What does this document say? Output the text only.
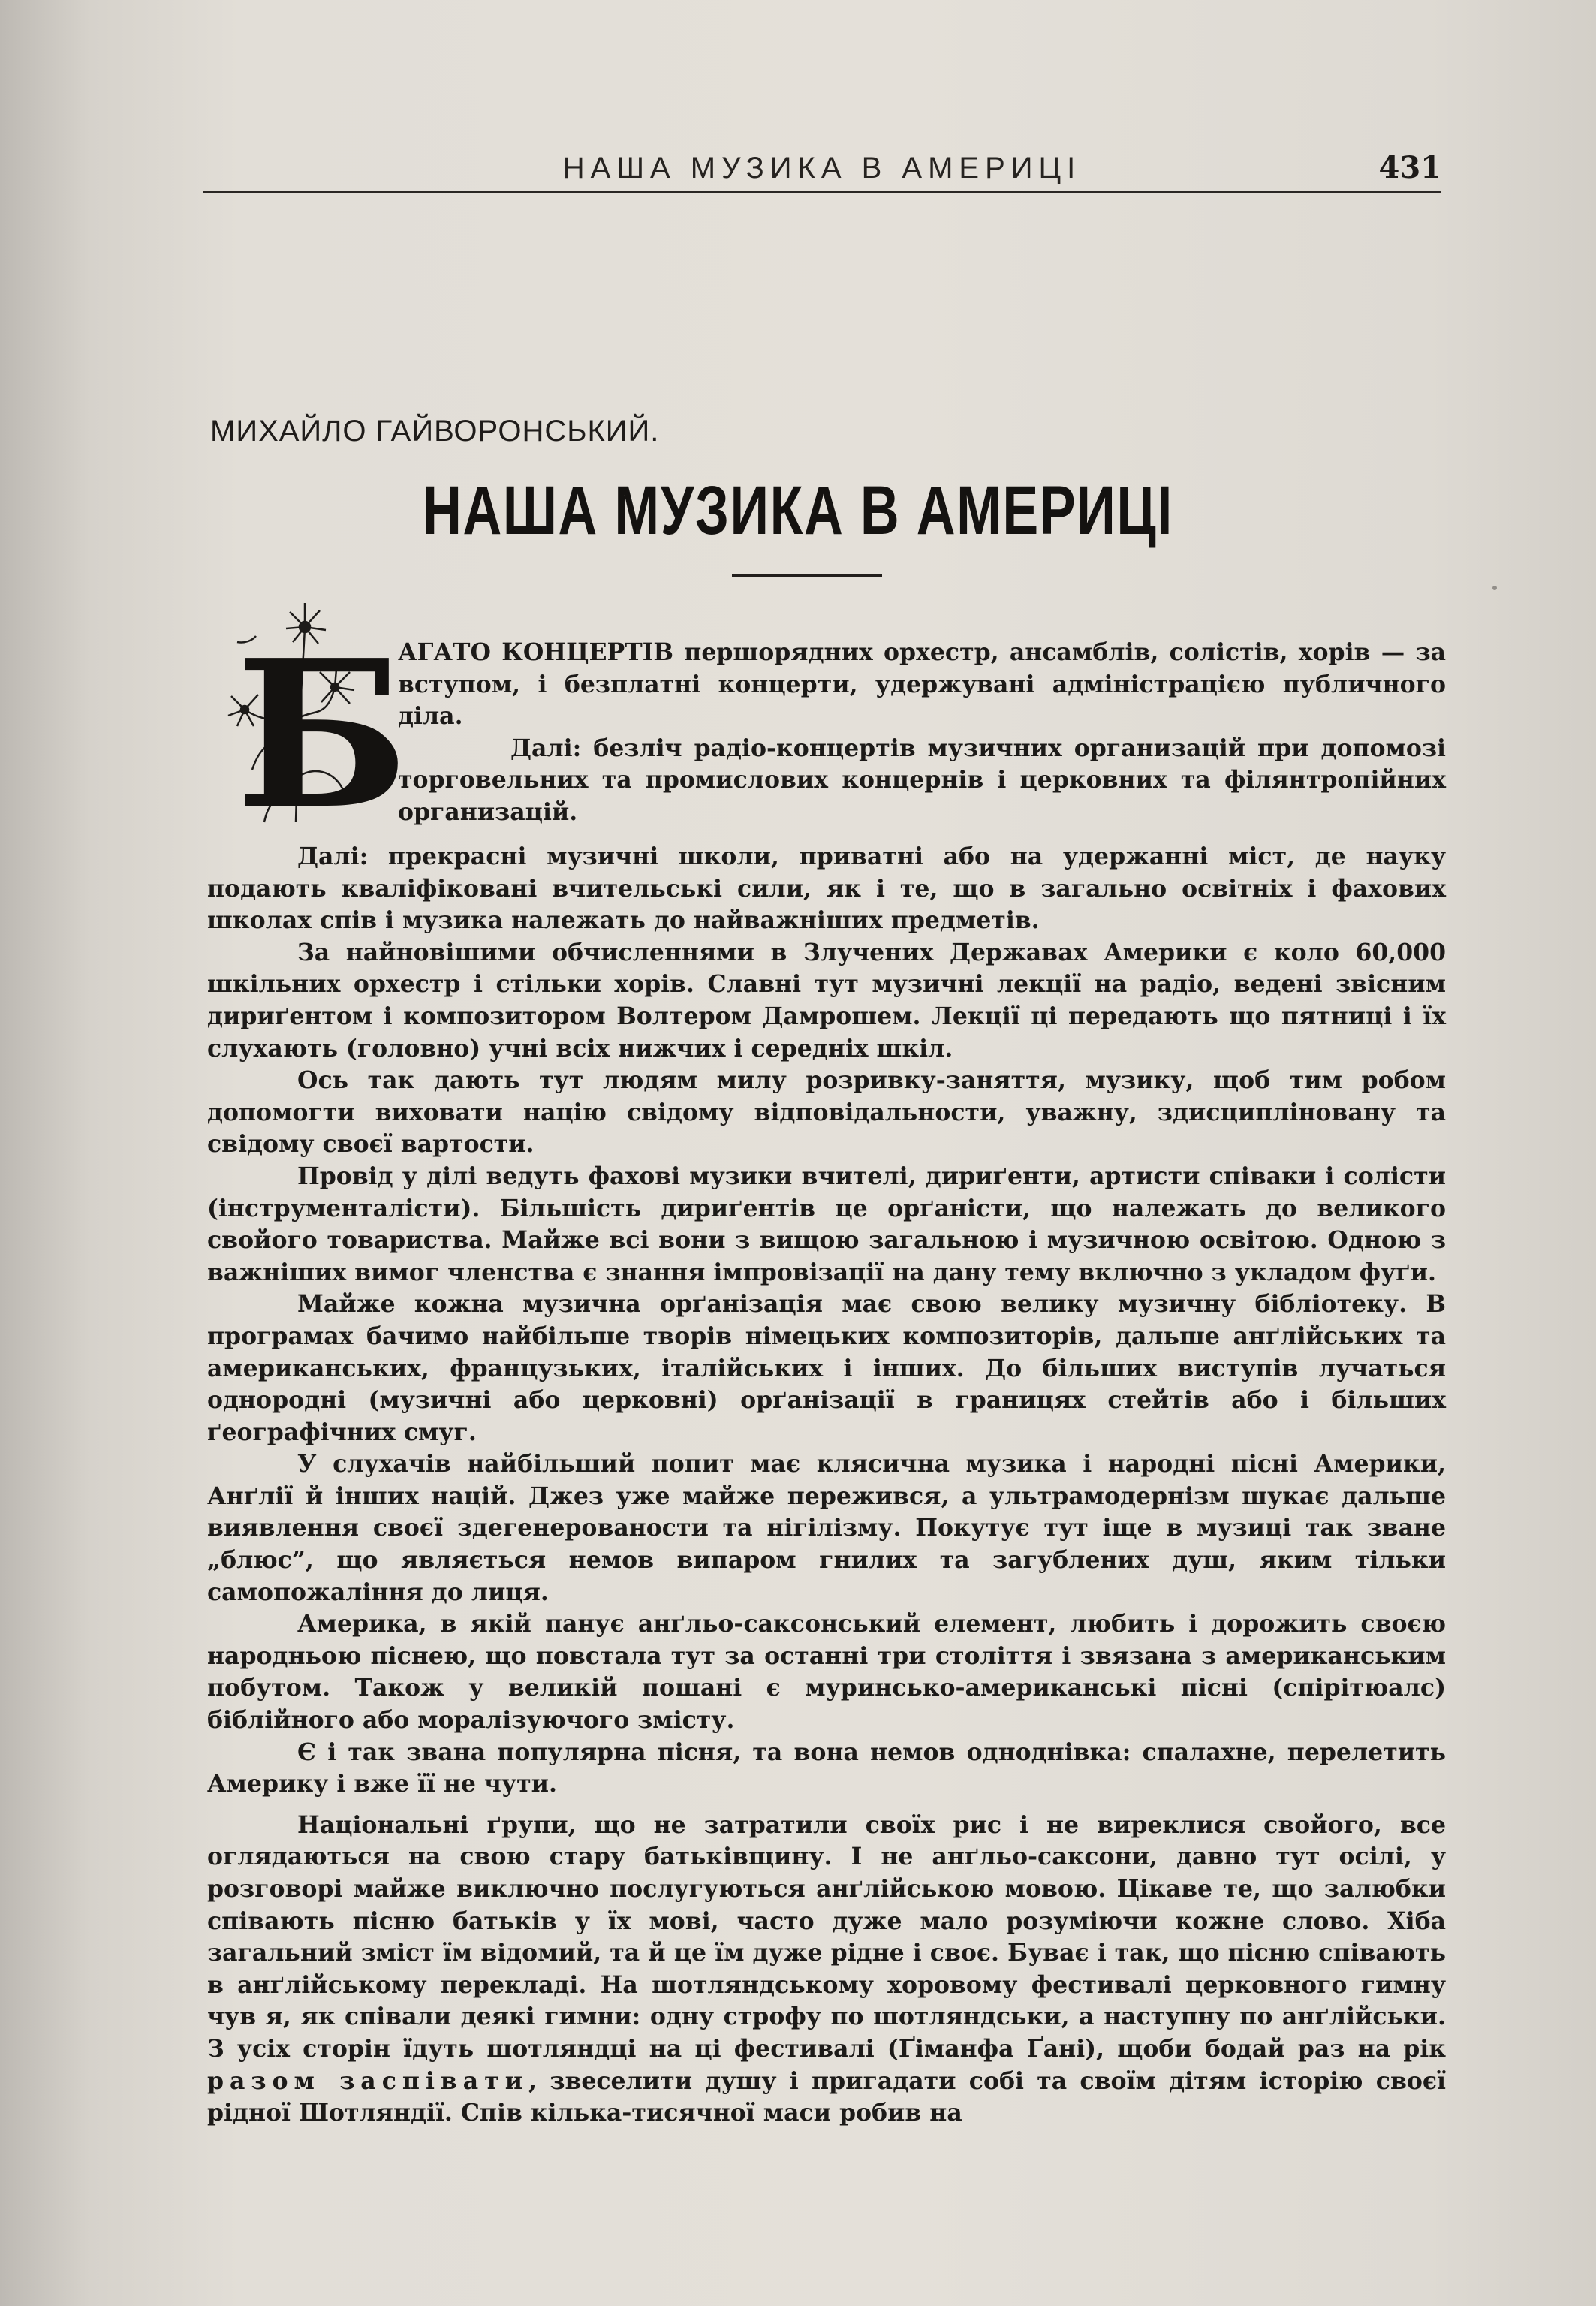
НАША МУЗИКА В АМЕРИЦІ	431
МИХАЙЛО ГАЙВОРОНСЬКИЙ.
НАША МУЗИКА В АМЕРИЦІ
Б

АГАТО КОНЦЕРТІВ першорядних орхестр, ансамблів, солістів, хорів — за вступом, і безплатні концерти, удержувані адміністрацією публичного діла.

Далі: безліч радіо-концертів музичних организацій при допомозі торговельних та промислових концернів і церковних та філянтропійних организацій.

Далі: прекрасні музичні школи, приватні або на удержанні міст, де науку подають кваліфіковані вчительські сили, як і те, що в загально освітніх і фахових школах спів і музика належать до найважніших предметів.

За найновішими обчисленнями в Злучених Державах Америки є коло 60,000 шкільних орхестр і стільки хорів. Славні тут музичні лекції на радіо, ведені звісним дириґентом і композитором Волтером Дамрошем. Лекції ці передають що пятниці і їх слухають (головно) учні всіх нижчих і середніх шкіл.

Ось так дають тут людям милу розривку-заняття, музику, щоб тим робом допомогти виховати націю свідому відповідальности, уважну, здисципліновану та свідому своєї вартости.

Провід у ділі ведуть фахові музики вчителі, дириґенти, артисти співаки і солісти (інструменталісти). Більшість дириґентів це орґаністи, що належать до великого свойого товариства. Майже всі вони з вищою загальною і музичною освітою. Одною з важніших вимог членства є знання імпровізації на дану тему включно з укладом фуґи.

Майже кожна музична орґанізація має свою велику музичну бібліотеку. В програмах бачимо найбільше творів німецьких композиторів, дальше анґлійських та американських, французьких, італійських і інших. До більших виступів лучаться однородні (музичні або церковні) орґанізації в границях стейтів або і більших ґеографічних смуг.

У слухачів найбільший попит має клясична музика і народні пісні Америки, Анґлії й інших націй. Джез уже майже пережився, а ультрамодернізм шукає дальше виявлення своєї здегенерованости та нігілізму. Покутує тут іще в музиці так зване „блюс”, що являється немов випаром гнилих та загублених душ, яким тільки самопожаління до лиця.

Америка, в якій панує анґльо-саксонський елемент, любить і дорожить своєю народньою піснею, що повстала тут за останні три століття і звязана з американським побутом. Також у великій пошані є муринсько-американські пісні (спірітюалс) біблійного або моралізуючого змісту.

Є і так звана популярна пісня, та вона немов одноднівка: спалахне, перелетить Америку і вже її не чути.

Національні ґрупи, що не затратили своїх рис і не виреклися свойого, все оглядаються на свою стару батьківщину. І не анґльо-саксони, давно тут осілі, у розговорі майже виключно послугуються анґлійською мовою. Цікаве те, що залюбки співають пісню батьків у їх мові, часто дуже мало розуміючи кожне слово. Хіба загальний зміст їм відомий, та й це їм дуже рідне і своє. Буває і так, що пісню співають в анґлійському перекладі. На шотляндському хоровому фестивалі церковного гимну чув я, як співали деякі гимни: одну строфу по шотляндськи, а наступну по анґлійськи. З усіх сторін їдуть шотляндці на ці фестивалі (Ґіманфа Ґані), щоби бодай раз на рік разом заспівати, звеселити душу і пригадати собі та своїм дітям історію своєї рідної Шотляндії. Спів кілька-тисячної маси робив на
